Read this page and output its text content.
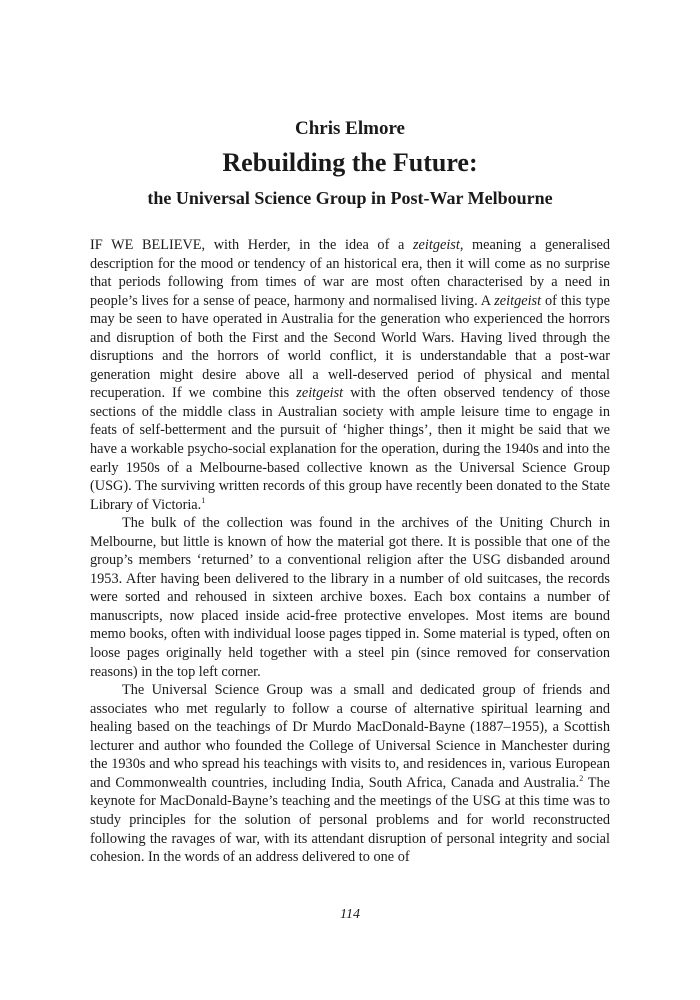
Chris Elmore
Rebuilding the Future:
the Universal Science Group in Post-War Melbourne

IF WE BELIEVE, with Herder, in the idea of a zeitgeist, meaning a generalised description for the mood or tendency of an historical era, then it will come as no surprise that periods following from times of war are most often characterised by a need in people’s lives for a sense of peace, harmony and normalised living. A zeitgeist of this type may be seen to have operated in Australia for the generation who experienced the horrors and disruption of both the First and the Second World Wars. Having lived through the disruptions and the horrors of world conflict, it is understandable that a post-war generation might desire above all a well-deserved period of physical and mental recuperation. If we combine this zeitgeist with the often observed tendency of those sections of the middle class in Australian society with ample leisure time to engage in feats of self-betterment and the pursuit of ‘higher things’, then it might be said that we have a workable psycho-social explanation for the operation, during the 1940s and into the early 1950s of a Melbourne-based collective known as the Universal Science Group (USG). The surviving written records of this group have recently been donated to the State Library of Victoria.$^1$

The bulk of the collection was found in the archives of the Uniting Church in Melbourne, but little is known of how the material got there. It is possible that one of the group’s members ‘returned’ to a conventional religion after the USG disbanded around 1953. After having been delivered to the library in a number of old suitcases, the records were sorted and rehoused in sixteen archive boxes. Each box contains a number of manuscripts, now placed inside acid-free protective envelopes. Most items are bound memo books, often with individual loose pages tipped in. Some material is typed, often on loose pages originally held together with a steel pin (since removed for conservation reasons) in the top left corner.

The Universal Science Group was a small and dedicated group of friends and associates who met regularly to follow a course of alternative spiritual learning and healing based on the teachings of Dr Murdo MacDonald-Bayne (1887–1955), a Scottish lecturer and author who founded the College of Universal Science in Manchester during the 1930s and who spread his teachings with visits to, and residences in, various European and Commonwealth countries, including India, South Africa, Canada and Australia.$^2$ The keynote for MacDonald-Bayne’s teaching and the meetings of the USG at this time was to study principles for the solution of personal problems and for world reconstructed following the ravages of war, with its attendant disruption of personal integrity and social cohesion. In the words of an address delivered to one of

114
